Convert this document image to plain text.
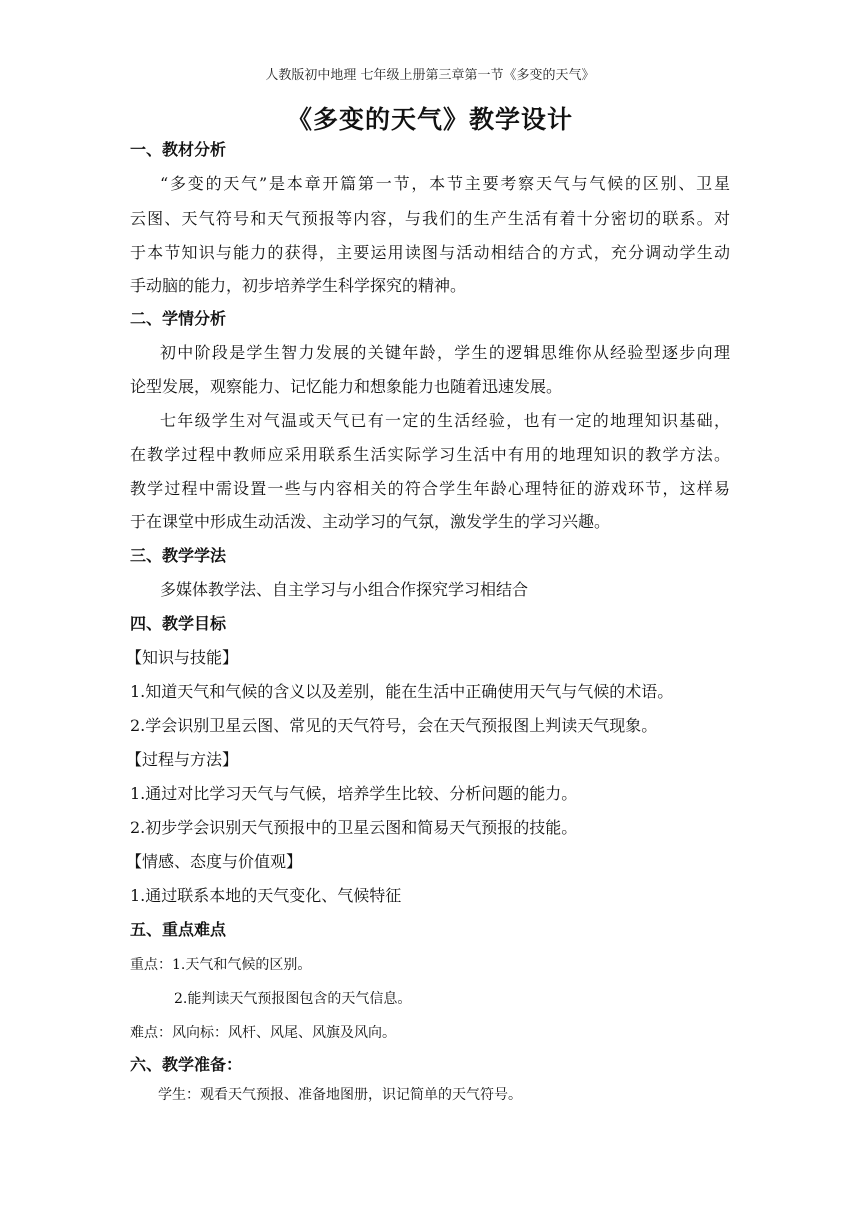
人教版初中地理 七年级上册第三章第一节《多变的天气》
《多变的天气》教学设计
一、教材分析
“多变的天气”是本章开篇第一节，本节主要考察天气与气候的区别、卫星
云图、天气符号和天气预报等内容，与我们的生产生活有着十分密切的联系。对
于本节知识与能力的获得，主要运用读图与活动相结合的方式，充分调动学生动
手动脑的能力，初步培养学生科学探究的精神。
二、学情分析
初中阶段是学生智力发展的关键年龄，学生的逻辑思维你从经验型逐步向理
论型发展，观察能力、记忆能力和想象能力也随着迅速发展。
七年级学生对气温或天气已有一定的生活经验，也有一定的地理知识基础，
在教学过程中教师应采用联系生活实际学习生活中有用的地理知识的教学方法。
教学过程中需设置一些与内容相关的符合学生年龄心理特征的游戏环节，这样易
于在课堂中形成生动活泼、主动学习的气氛，激发学生的学习兴趣。
三、教学学法
多媒体教学法、自主学习与小组合作探究学习相结合
四、教学目标
【知识与技能】
1.知道天气和气候的含义以及差别，能在生活中正确使用天气与气候的术语。
2.学会识别卫星云图、常见的天气符号，会在天气预报图上判读天气现象。
【过程与方法】
1.通过对比学习天气与气候，培养学生比较、分析问题的能力。
2.初步学会识别天气预报中的卫星云图和简易天气预报的技能。
【情感、态度与价值观】
1.通过联系本地的天气变化、气候特征
五、重点难点
重点：1.天气和气候的区别。
2.能判读天气预报图包含的天气信息。
难点：风向标：风杆、风尾、风旗及风向。
六、教学准备：
学生：观看天气预报、准备地图册，识记简单的天气符号。
